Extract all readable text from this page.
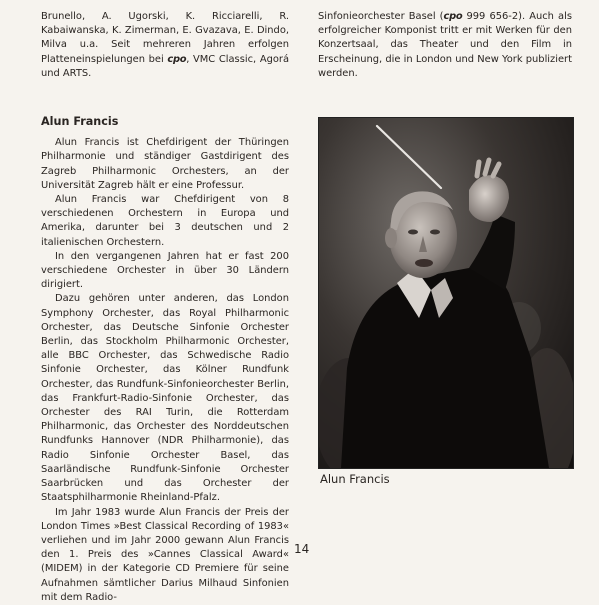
Brunello, A. Ugorski, K. Ricciarelli, R. Kabaiwanska, K. Zimerman, E. Gvazava, E. Dindo, Milva u.a. Seit mehreren Jahren erfolgen Platteneinspielungen bei cpo, VMC Classic, Agorá und ARTS.

Alun Francis

Alun Francis ist Chefdirigent der Thüringen Philharmonie und ständiger Gastdirigent des Zagreb Philharmonic Orchesters, an der Universität Zagreb hält er eine Professur.

Alun Francis war Chefdirigent von 8 verschiedenen Orchestern in Europa und Amerika, darunter bei 3 deutschen und 2 italienischen Orchestern.

In den vergangenen Jahren hat er fast 200 verschiedene Orchester in über 30 Ländern dirigiert.

Dazu gehören unter anderen, das London Symphony Orchester, das Royal Philharmonic Orchester, das Deutsche Sinfonie Orchester Berlin, das Stockholm Philharmonic Orchester, alle BBC Orchester, das Schwedische Radio Sinfonie Orchester, das Kölner Rundfunk Orchester, das Rundfunk-Sinfonieorchester Berlin, das Frankfurt-Radio-Sinfonie Orchester, das Orchester des RAI Turin, die Rotterdam Philharmonic, das Orchester des Norddeutschen Rundfunks Hannover (NDR Philharmonie), das Radio Sinfonie Orchester Basel, das Saarländische Rundfunk-Sinfonie Orchester Saarbrücken und das Orchester der Staatsphilharmonie Rheinland-Pfalz.

Im Jahr 1983 wurde Alun Francis der Preis der London Times »Best Classical Recording of 1983« verliehen und im Jahr 2000 gewann Alun Francis den 1. Preis des »Cannes Classical Award« (MIDEM) in der Kategorie CD Premiere für seine Aufnahmen sämtlicher Darius Milhaud Sinfonien mit dem Radio-

Sinfonieorchester Basel (cpo 999 656-2). Auch als erfolgreicher Komponist tritt er mit Werken für den Konzertsaal, das Theater und den Film in Erscheinung, die in London und New York publiziert werden.

Alun Francis
14
